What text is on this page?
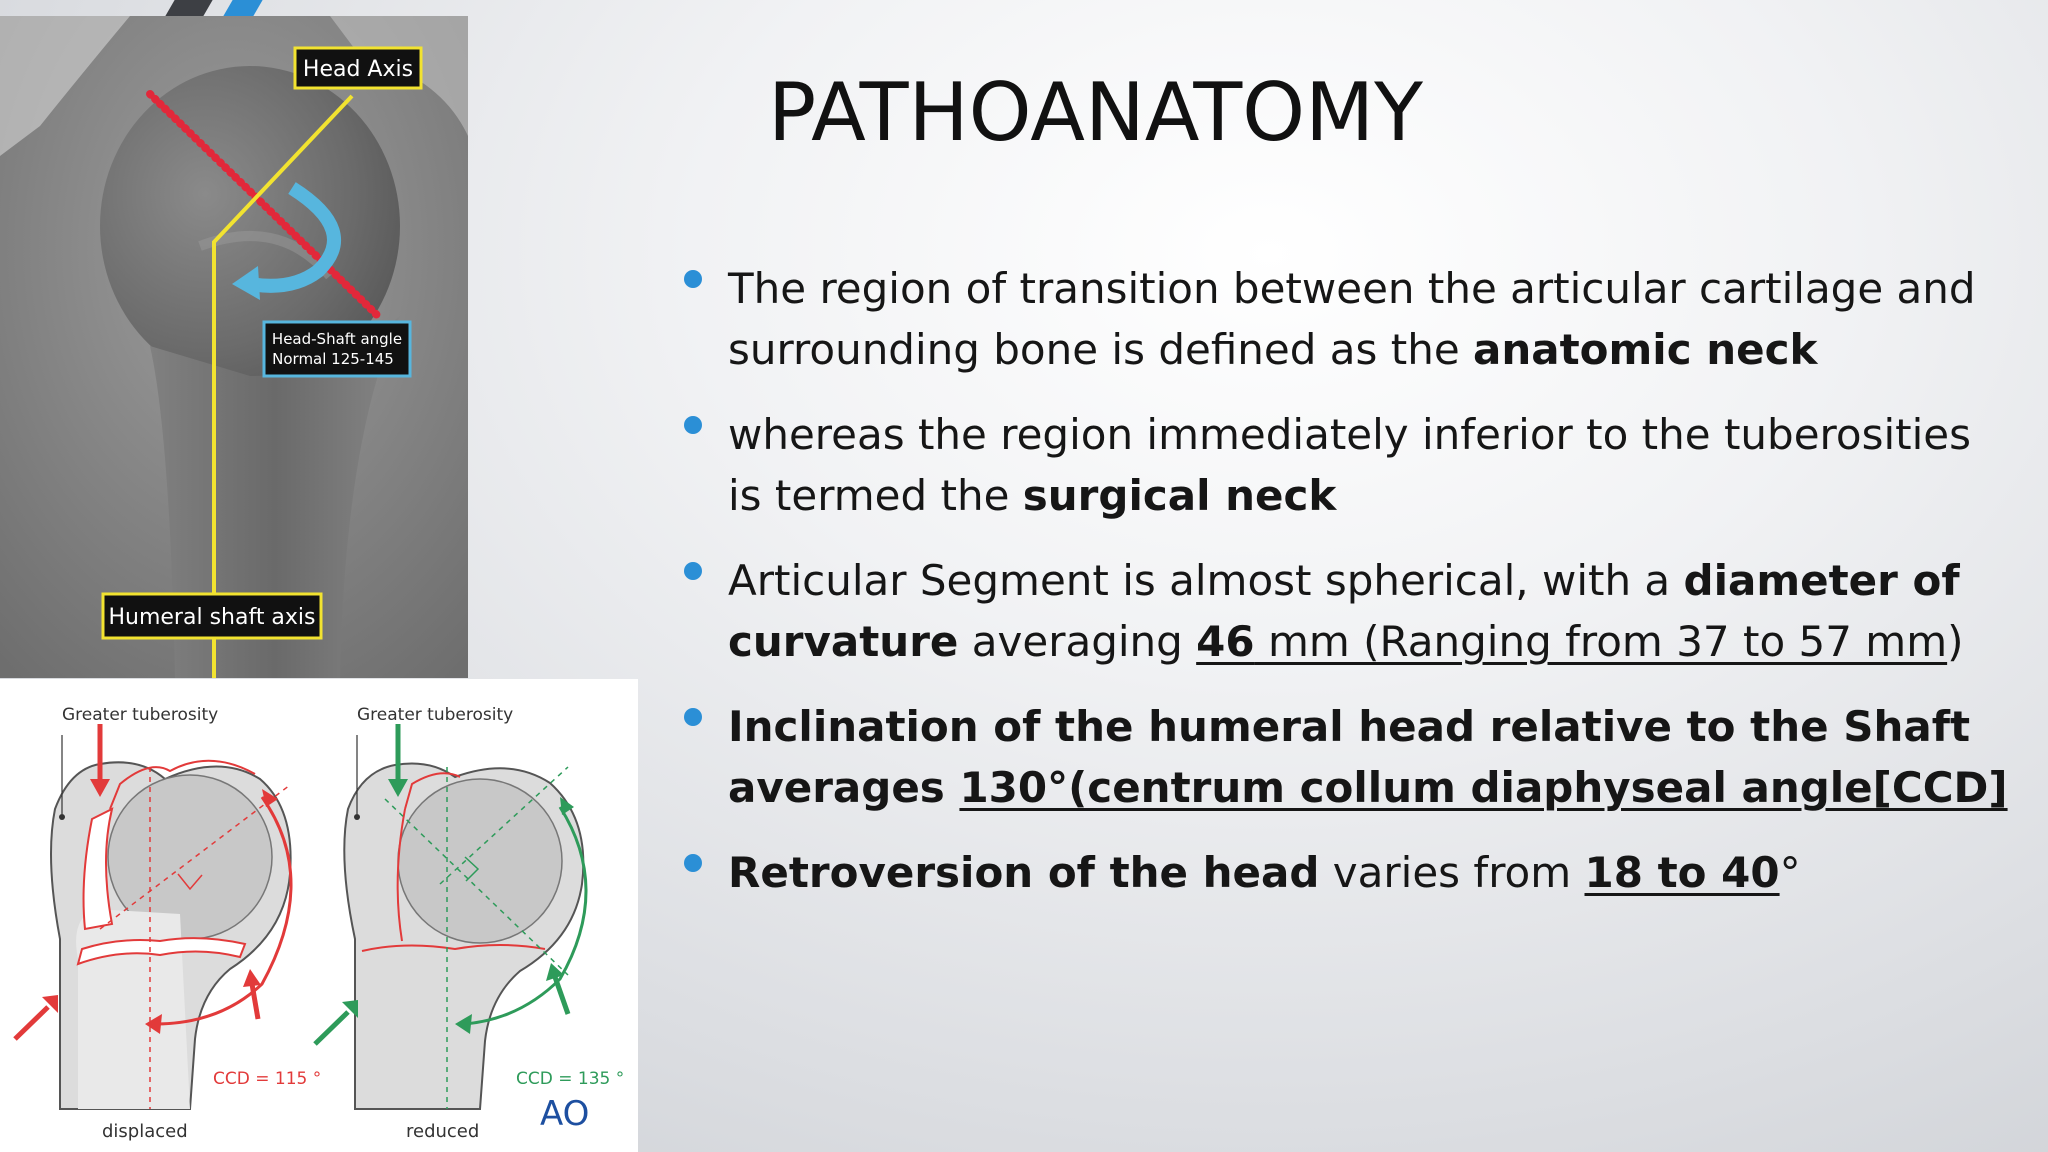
Head Axis
Head-Shaft angle
Normal 125-145
Humeral shaft axis
Greater tuberosity
CCD = 115 °
displaced
Greater tuberosity
CCD = 135 °
reduced AO
PATHOANATOMY
The region of transition between the articular cartilage and surrounding bone is defined as the anatomic neck
whereas the region immediately inferior to the tuberosities is termed the surgical neck
Articular Segment is almost spherical, with a diameter of curvature averaging 46 mm (Ranging from 37 to 57 mm)
Inclination of the humeral head relative to the Shaft averages 130°(centrum collum diaphyseal angle[CCD]
Retroversion of the head varies from 18 to 40°
